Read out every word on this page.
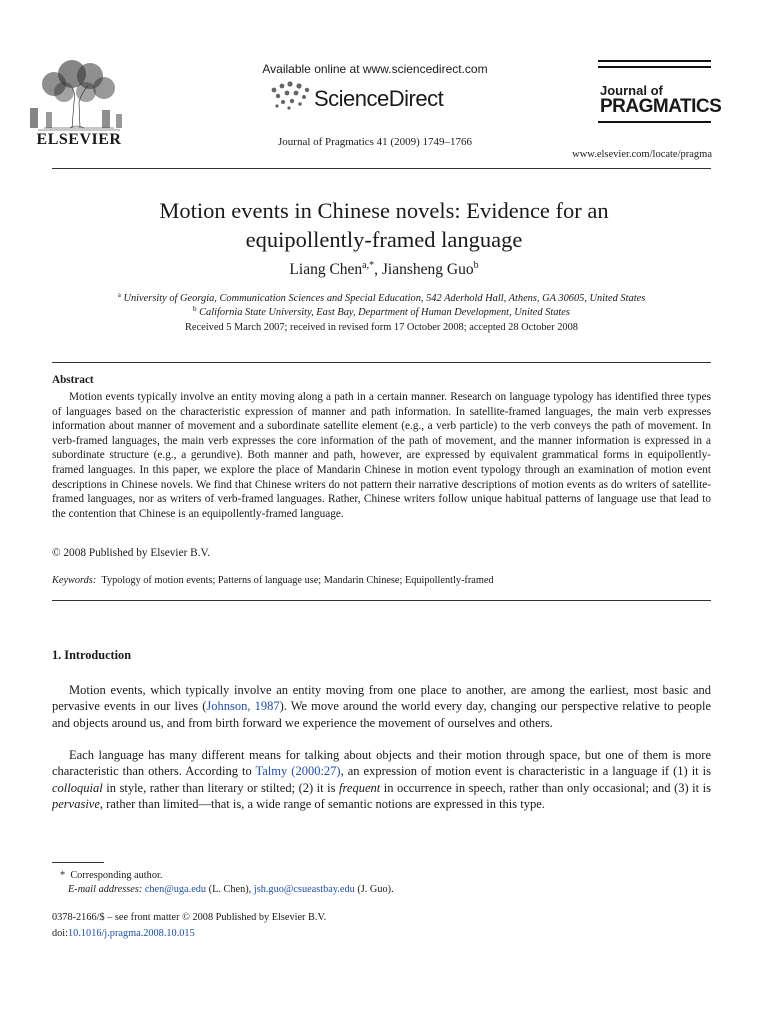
ELSEVIER
Available online at www.sciencedirect.com
ScienceDirect
Journal of Pragmatics 41 (2009) 1749–1766
Journal of
PRAGMATICS
www.elsevier.com/locate/pragma
Motion events in Chinese novels: Evidence for an
equipollently-framed language
Liang Chen$^{a,*}$, Jiansheng Guo$^b$
$^a$ University of Georgia, Communication Sciences and Special Education, 542 Aderhold Hall, Athens, GA 30605, United States
$^b$ California State University, East Bay, Department of Human Development, United States
Received 5 March 2007; received in revised form 17 October 2008; accepted 28 October 2008
Abstract

Motion events typically involve an entity moving along a path in a certain manner. Research on language typology has identified three types of languages based on the characteristic expression of manner and path information. In satellite-framed languages, the main verb expresses information about manner of movement and a subordinate satellite element (e.g., a verb particle) to the verb conveys the path of movement. In verb-framed languages, the main verb expresses the core information of the path of movement, and the manner information is expressed in a subordinate structure (e.g., a gerundive). Both manner and path, however, are expressed by equivalent grammatical forms in equipollently-framed languages. In this paper, we explore the place of Mandarin Chinese in motion event typology through an examination of motion event descriptions in Chinese novels. We find that Chinese writers do not pattern their narrative descriptions of motion events as do writers of satellite-framed languages, nor as writers of verb-framed languages. Rather, Chinese writers follow unique habitual patterns of language use that lead to the contention that Chinese is an equipollently-framed language.

© 2008 Published by Elsevier B.V.
Keywords: Typology of motion events; Patterns of language use; Mandarin Chinese; Equipollently-framed
1. Introduction

Motion events, which typically involve an entity moving from one place to another, are among the earliest, most basic and pervasive events in our lives (Johnson, 1987). We move around the world every day, changing our perspective relative to people and objects around us, and from birth forward we experience the movement of ourselves and others.

Each language has many different means for talking about objects and their motion through space, but one of them is more characteristic than others. According to Talmy (2000:27), an expression of motion event is characteristic in a language if (1) it is colloquial in style, rather than literary or stilted; (2) it is frequent in occurrence in speech, rather than only occasional; and (3) it is pervasive, rather than limited—that is, a wide range of semantic notions are expressed in this type.

* Corresponding author.
E-mail addresses: chen@uga.edu (L. Chen), jsh.guo@csueastbay.edu (J. Guo).
0378-2166/$ – see front matter © 2008 Published by Elsevier B.V.
doi:10.1016/j.pragma.2008.10.015
